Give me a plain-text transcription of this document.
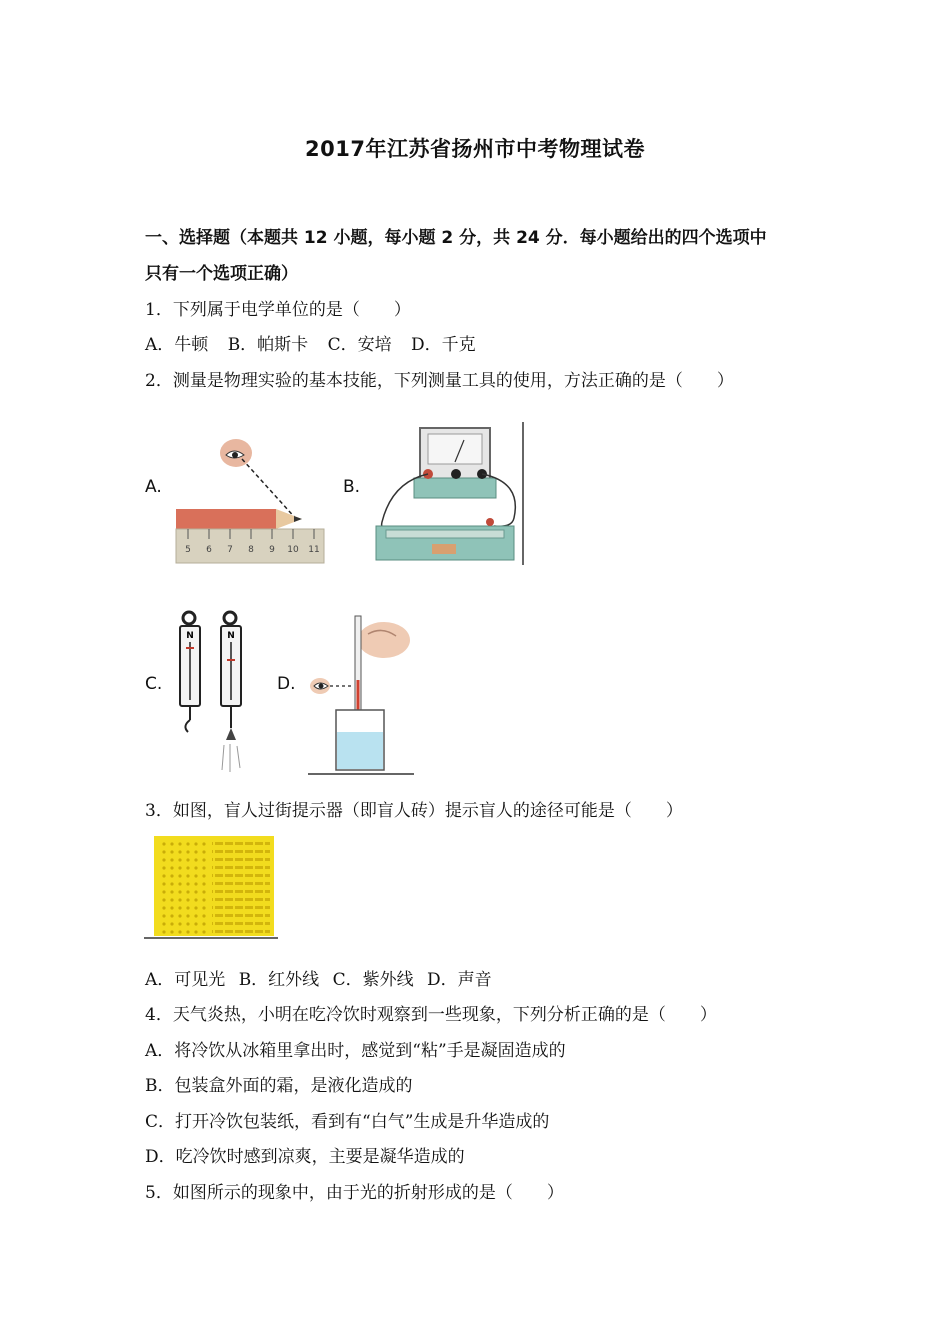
2017年江苏省扬州市中考物理试卷
一、选择题（本题共 12 小题，每小题 2 分，共 24 分．每小题给出的四个选项中
只有一个选项正确）
1．下列属于电学单位的是（　　）
A．牛顿 B．帕斯卡 C．安培 D．千克
2．测量是物理实验的基本技能，下列测量工具的使用，方法正确的是（　　）
A.
5 6 7 8 9 10 11
B.
C.
N	N
D.
3．如图，盲人过街提示器（即盲人砖）提示盲人的途径可能是（　　）
A．可见光 B．红外线 C．紫外线 D．声音
4．天气炎热，小明在吃冷饮时观察到一些现象，下列分析正确的是（　　）
A．将冷饮从冰箱里拿出时，感觉到“粘”手是凝固造成的
B．包装盒外面的霜，是液化造成的
C．打开冷饮包装纸，看到有“白气”生成是升华造成的
D．吃冷饮时感到凉爽，主要是凝华造成的
5．如图所示的现象中，由于光的折射形成的是（　　）
